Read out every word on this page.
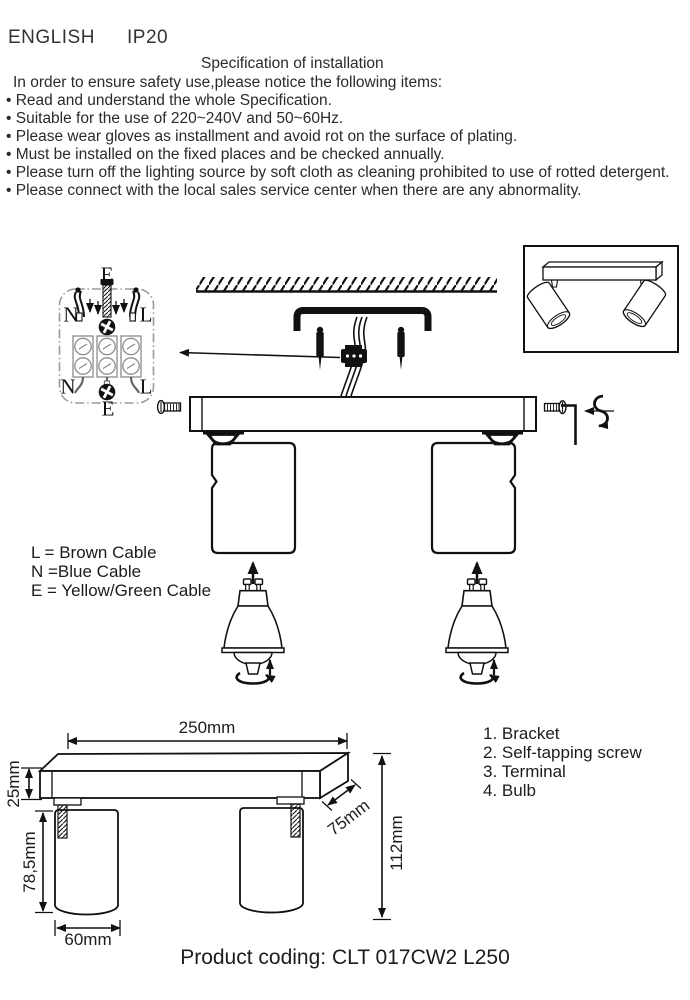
ENGLISH IP20
Specification of installation
In order to ensure safety use,please notice the following items:
• Read and understand the whole Specification.
• Suitable for the use of 220~240V and 50~60Hz.
• Please wear gloves as installment and avoid rot on the surface of plating.
• Must be installed on the fixed places and be checked annually.
• Please turn off the lighting source by soft cloth as cleaning prohibited to use of rotted detergent.
• Please connect with the local sales service center when there are any abnormality.
E
N	L
N	L
E
L = Brown Cable
N =Blue Cable
E = Yellow/Green Cable
250mm
25mm
78,5mm
60mm
75mm 112mm
1. Bracket
2. Self-tapping screw
3. Terminal
4. Bulb
Product coding: CLT 017CW2 L250
